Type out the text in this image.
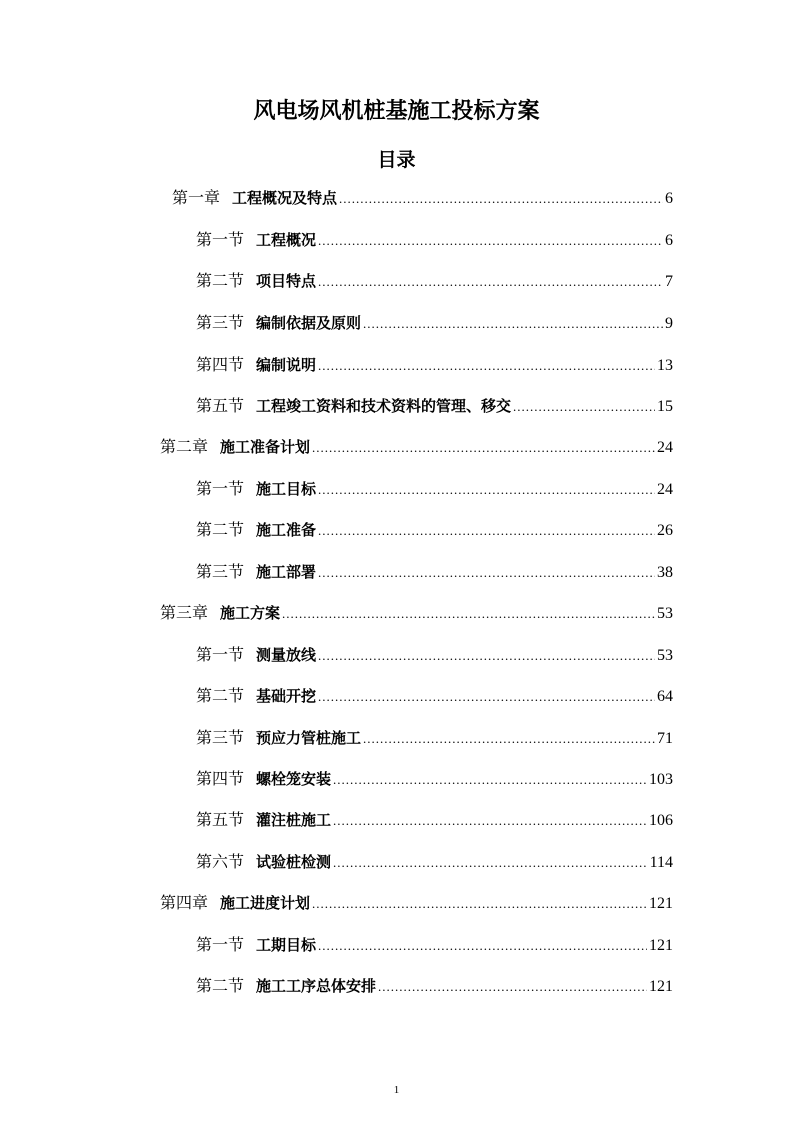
风电场风机桩基施工投标方案
目录
第一章 工程概况及特点 .....	6
第一节 工程概况 .....	6
第二节 项目特点 .....	7
第三节 编制依据及原则 .....	9
第四节 编制说明 .....	13
第五节 工程竣工资料和技术资料的管理、移交 .....	15
第二章 施工准备计划 .....	24
第一节 施工目标 .....	24
第二节 施工准备 .....	26
第三节 施工部署 .....	38
第三章 施工方案 .....	53
第一节 测量放线 .....	53
第二节 基础开挖 .....	64
第三节 预应力管桩施工 .....	71
第四节 螺栓笼安装 .....	103
第五节 灌注桩施工 .....	106
第六节 试验桩检测 .....	114
第四章 施工进度计划 .....	121
第一节 工期目标 .....	121
第二节 施工工序总体安排 .....	121
1
